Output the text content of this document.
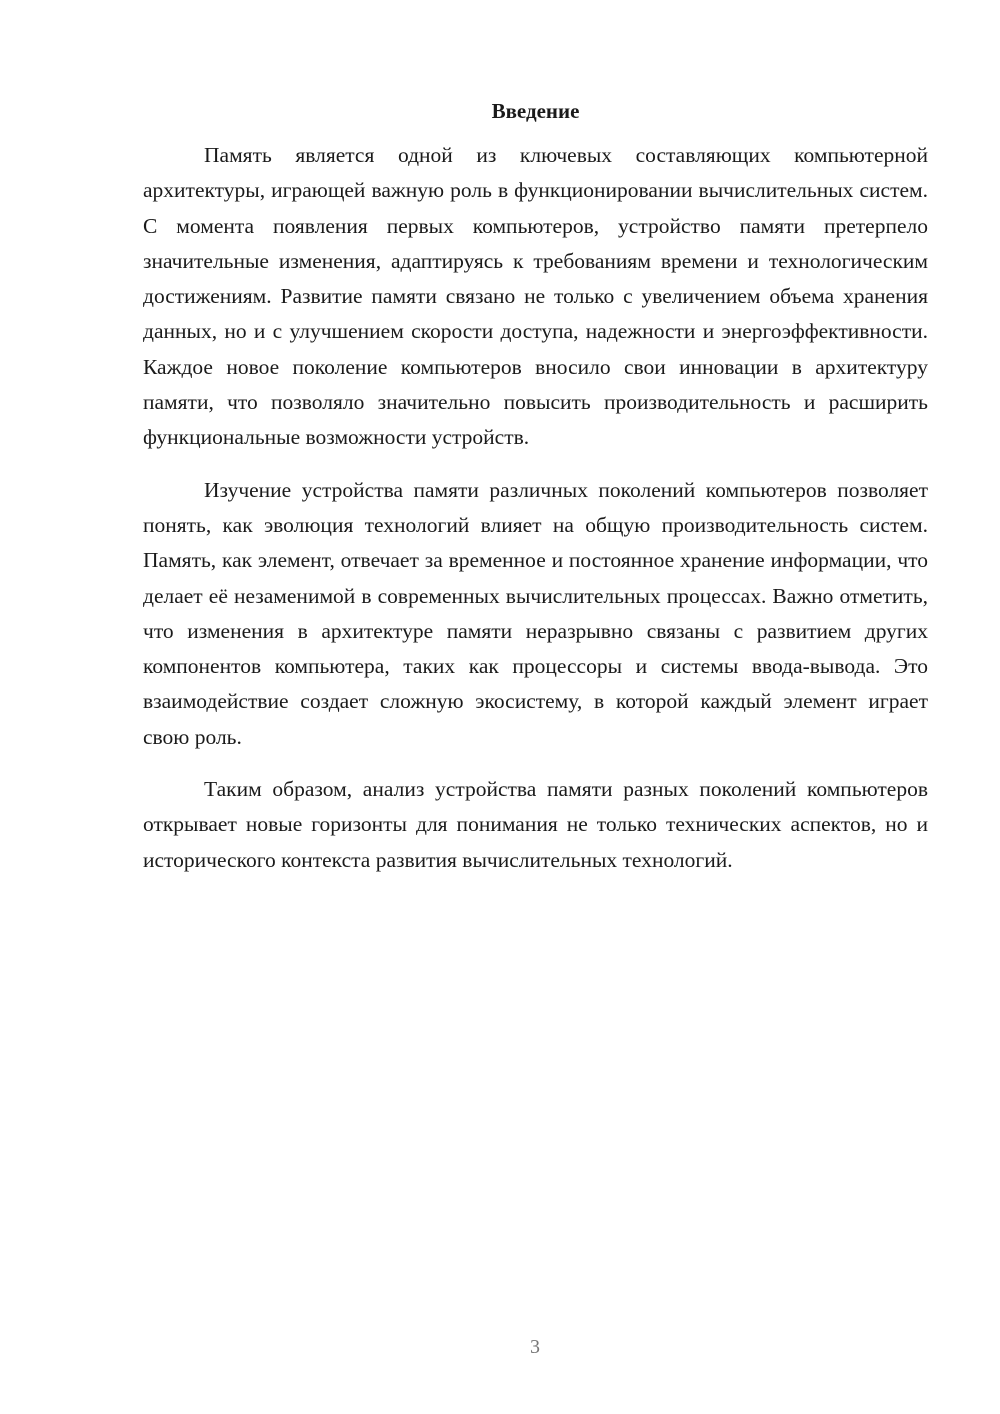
Введение

Память является одной из ключевых составляющих компьютерной архитектуры, играющей важную роль в функционировании вычислительных систем. С момента появления первых компьютеров, устройство памяти претерпело значительные изменения, адаптируясь к требованиям времени и технологическим достижениям. Развитие памяти связано не только с увеличением объема хранения данных, но и с улучшением скорости доступа, надежности и энергоэффективности. Каждое новое поколение компьютеров вносило свои инновации в архитектуру памяти, что позволяло значительно повысить производительность и расширить функциональные возможности устройств.

Изучение устройства памяти различных поколений компьютеров позволяет понять, как эволюция технологий влияет на общую производительность систем. Память, как элемент, отвечает за временное и постоянное хранение информации, что делает её незаменимой в современных вычислительных процессах. Важно отметить, что изменения в архитектуре памяти неразрывно связаны с развитием других компонентов компьютера, таких как процессоры и системы ввода-вывода. Это взаимодействие создает сложную экосистему, в которой каждый элемент играет свою роль.

Таким образом, анализ устройства памяти разных поколений компьютеров открывает новые горизонты для понимания не только технических аспектов, но и исторического контекста развития вычислительных технологий.

3
